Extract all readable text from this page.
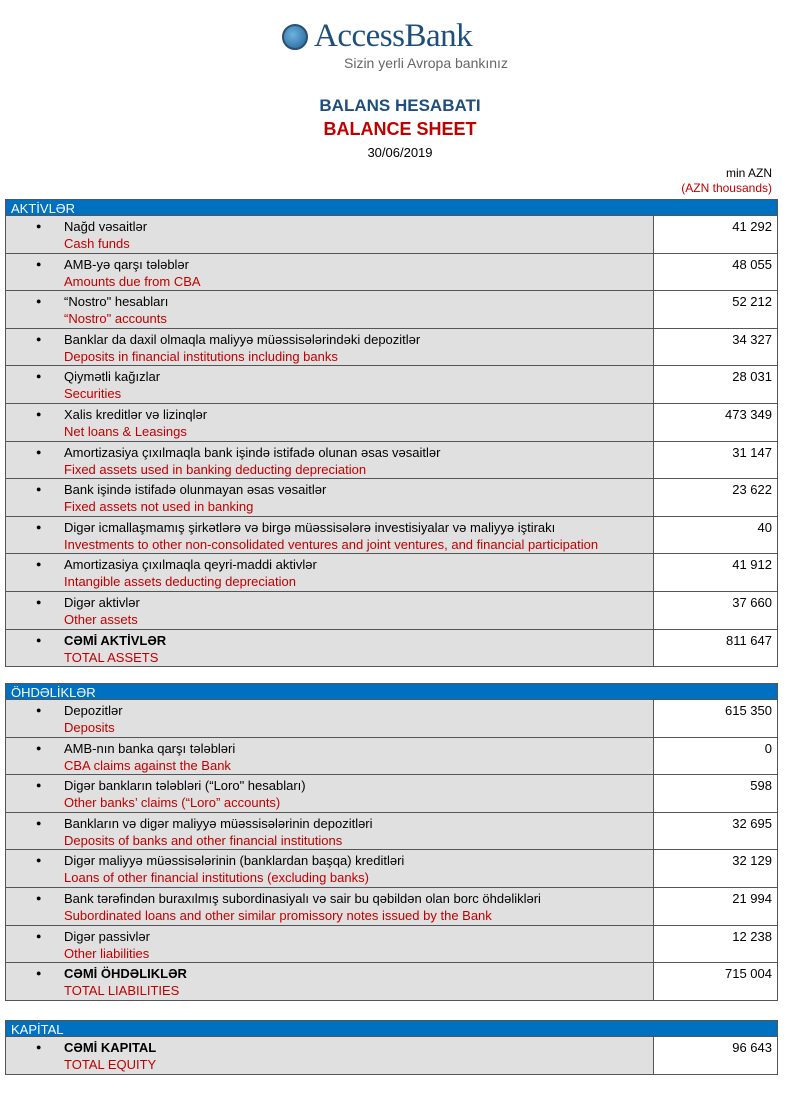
AccessBank
Sizin yerli Avropa bankınız
BALANS HESABATI
BALANCE SHEET
30/06/2019
min AZN
(AZN thousands)
AKTİVLƏR
● Nağd vəsaitlər
Cash funds
41 292
● AMB-yə qarşı tələblər
Amounts due from CBA
48 055
● “Nostro" hesabları
“Nostro" accounts
52 212
● Banklar da daxil olmaqla maliyyə müəssisələrindəki depozitlər
Deposits in financial institutions including banks
34 327
● Qiymətli kağızlar
Securities
28 031
● Xalis kreditlər və lizinqlər
Net loans & Leasings
473 349
● Amortizasiya çıxılmaqla bank işində istifadə olunan əsas vəsaitlər
Fixed assets used in banking deducting depreciation
31 147
● Bank işində istifadə olunmayan əsas vəsaitlər
Fixed assets not used in banking
23 622
● Digər icmallaşmamış şirkətlərə və birgə müəssisələrə investisiyalar və maliyyə iştirakı
Investments to other non-consolidated ventures and joint ventures, and financial participation
40
● Amortizasiya çıxılmaqla qeyri-maddi aktivlər
Intangible assets deducting depreciation
41 912
● Digər aktivlər
Other assets
37 660
● CƏMİ AKTİVLƏR
TOTAL ASSETS
811 647
ÖHDƏLİKLƏR
● Depozitlər
Deposits
615 350
● AMB-nın banka qarşı tələbləri
CBA claims against the Bank
0
● Digər bankların tələbləri (“Loro" hesabları)
Other banks’ claims (“Loro” accounts)
598
● Bankların və digər maliyyə müəssisələrinin depozitləri
Deposits of banks and other financial institutions
32 695
● Digər maliyyə müəssisələrinin (banklardan başqa) kreditləri
Loans of other financial institutions (excluding banks)
32 129
● Bank tərəfindən buraxılmış subordinasiyalı və sair bu qəbildən olan borc öhdəlikləri
Subordinated loans and other similar promissory notes issued by the Bank
21 994
● Digər passivlər
Other liabilities
12 238
● CƏMİ ÖHDƏLIKLƏR
TOTAL LIABILITIES
715 004
KAPİTAL
● CƏMİ KAPITAL
TOTAL EQUITY
96 643
